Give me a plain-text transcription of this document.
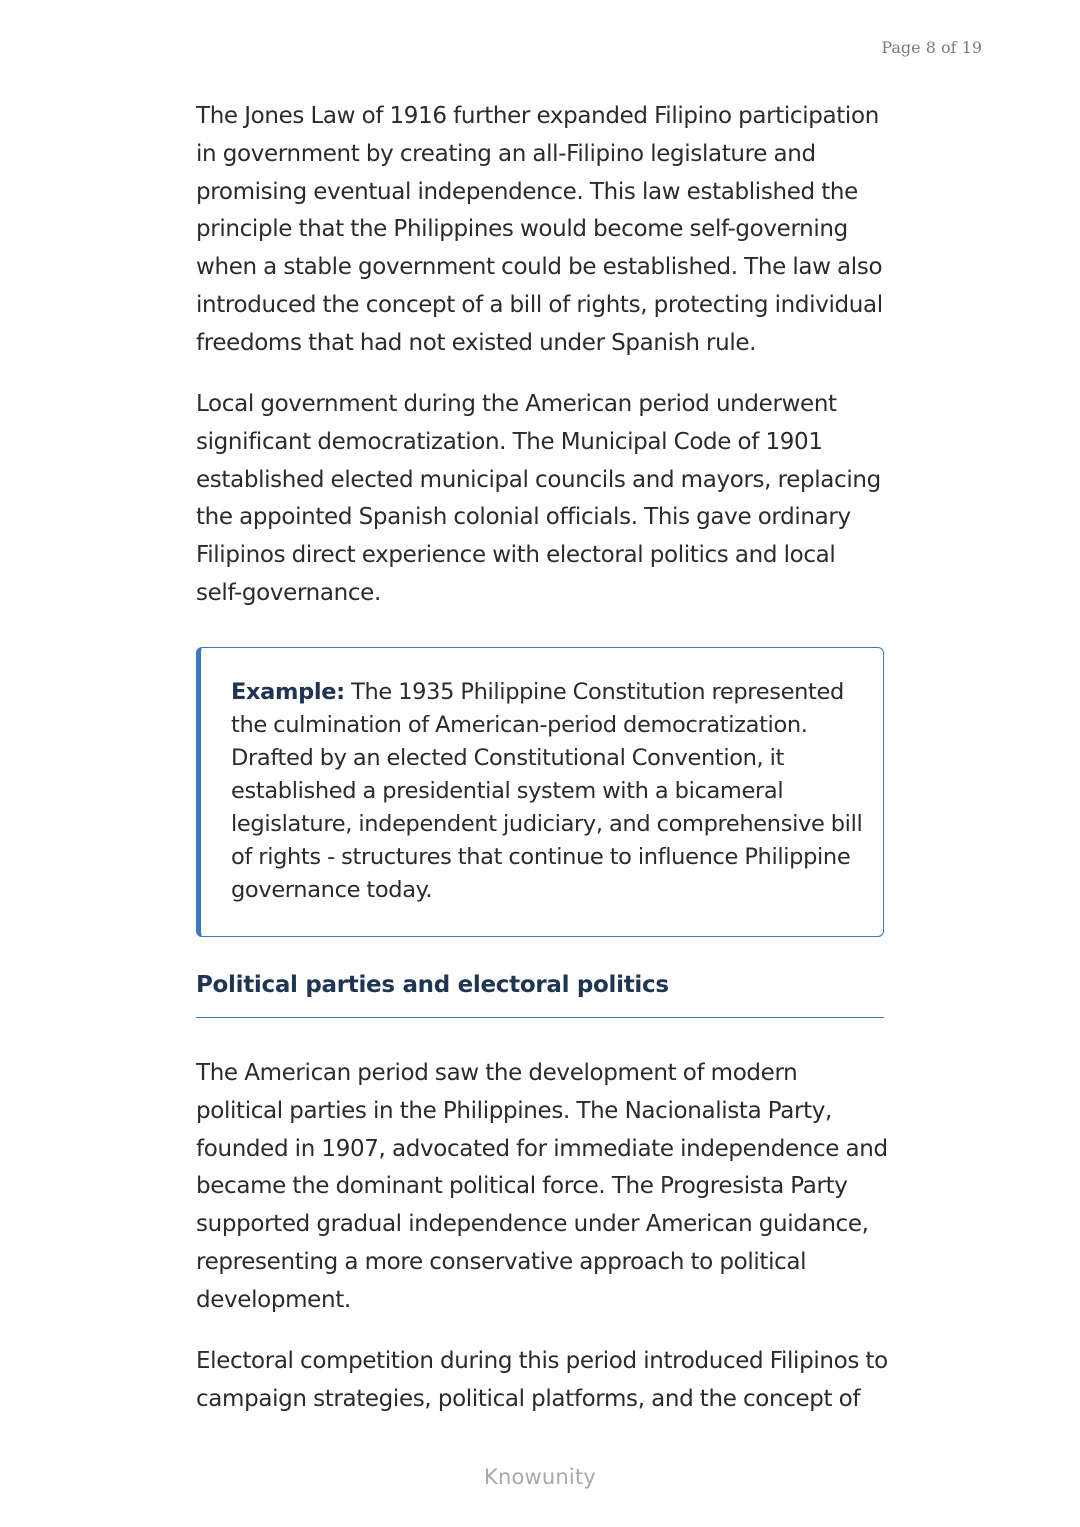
Page 8 of 19

The Jones Law of 1916 further expanded Filipino participation in government by creating an all-Filipino legislature and promising eventual independence. This law established the principle that the Philippines would become self-governing when a stable government could be established. The law also introduced the concept of a bill of rights, protecting individual freedoms that had not existed under Spanish rule.

Local government during the American period underwent significant democratization. The Municipal Code of 1901 established elected municipal councils and mayors, replacing the appointed Spanish colonial officials. This gave ordinary Filipinos direct experience with electoral politics and local self-governance.

Example: The 1935 Philippine Constitution represented the culmination of American-period democratization. Drafted by an elected Constitutional Convention, it established a presidential system with a bicameral legislature, independent judiciary, and comprehensive bill of rights - structures that continue to influence Philippine governance today.

Political parties and electoral politics

The American period saw the development of modern political parties in the Philippines. The Nacionalista Party, founded in 1907, advocated for immediate independence and became the dominant political force. The Progresista Party supported gradual independence under American guidance, representing a more conservative approach to political development.

Electoral competition during this period introduced Filipinos to campaign strategies, political platforms, and the concept of

Knowunity
